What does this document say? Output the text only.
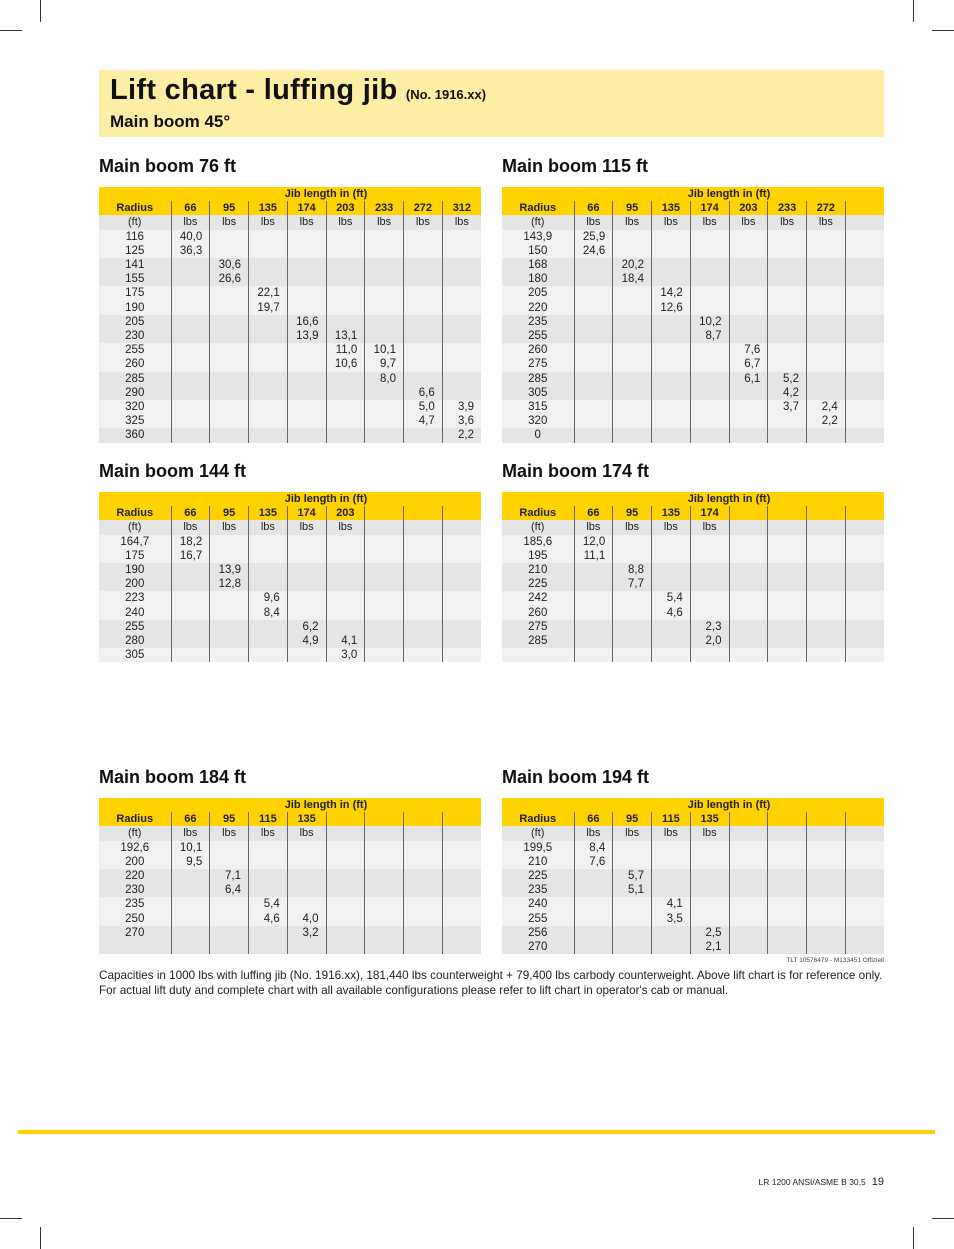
Lift chart - luffing jib (No. 1916.xx)
Main boom 45°
Main boom 76 ft
	Jib length in (ft)							
Radius	66	95	135	174	203	233	272	312
(ft)	lbs	lbs	lbs	lbs	lbs	lbs	lbs	lbs
116	40,0							
125	36,3							
141		30,6						
155		26,6						
175			22,1					
190			19,7					
205				16,6				
230				13,9	13,1			
255					11,0	10,1		
260					10,6	9,7		
285						8,0		
290							6,6	
320							5,0	3,9
325							4,7	3,6
360								2,2
Main boom 115 ft
	Jib length in (ft)							
Radius	66	95	135	174	203	233	272	
(ft)	lbs	lbs	lbs	lbs	lbs	lbs	lbs	
143,9	25,9							
150	24,6							
168		20,2						
180		18,4						
205			14,2					
220			12,6					
235				10,2				
255				8,7				
260					7,6			
275					6,7			
285					6,1	5,2		
305						4,2		
315						3,7	2,4	
320							2,2	
0								
Main boom 144 ft
	Jib length in (ft)							
Radius	66	95	135	174	203			
(ft)	lbs	lbs	lbs	lbs	lbs			
164,7	18,2							
175	16,7							
190		13,9						
200		12,8						
223			9,6					
240			8,4					
255				6,2				
280				4,9	4,1			
305					3,0			
Main boom 174 ft
	Jib length in (ft)							
Radius	66	95	135	174				
(ft)	lbs	lbs	lbs	lbs				
185,6	12,0							
195	11,1							
210		8,8						
225		7,7						
242			5,4					
260			4,6					
275				2,3				
285				2,0				

Main boom 184 ft
	Jib length in (ft)							
Radius	66	95	115	135				
(ft)	lbs	lbs	lbs	lbs				
192,6	10,1							
200	9,5							
220		7,1						
230		6,4						
235			5,4					
250			4,6	4,0				
270				3,2				

Main boom 194 ft
	Jib length in (ft)							
Radius	66	95	115	135				
(ft)	lbs	lbs	lbs	lbs				
199,5	8,4							
210	7,6							
225		5,7						
235		5,1						
240			4,1					
255			3,5					
256				2,5				
270				2,1				
TLT 10576479 - M133451 Offiziell
Capacities in 1000 lbs with luffing jib (No. 1916.xx), 181,440 lbs counterweight + 79,400 lbs carbody counterweight. Above lift chart is for reference only. For actual lift duty and complete chart with all available configurations please refer to lift chart in operator's cab or manual.
LR 1200 ANSI/ASME B 30.5 19
